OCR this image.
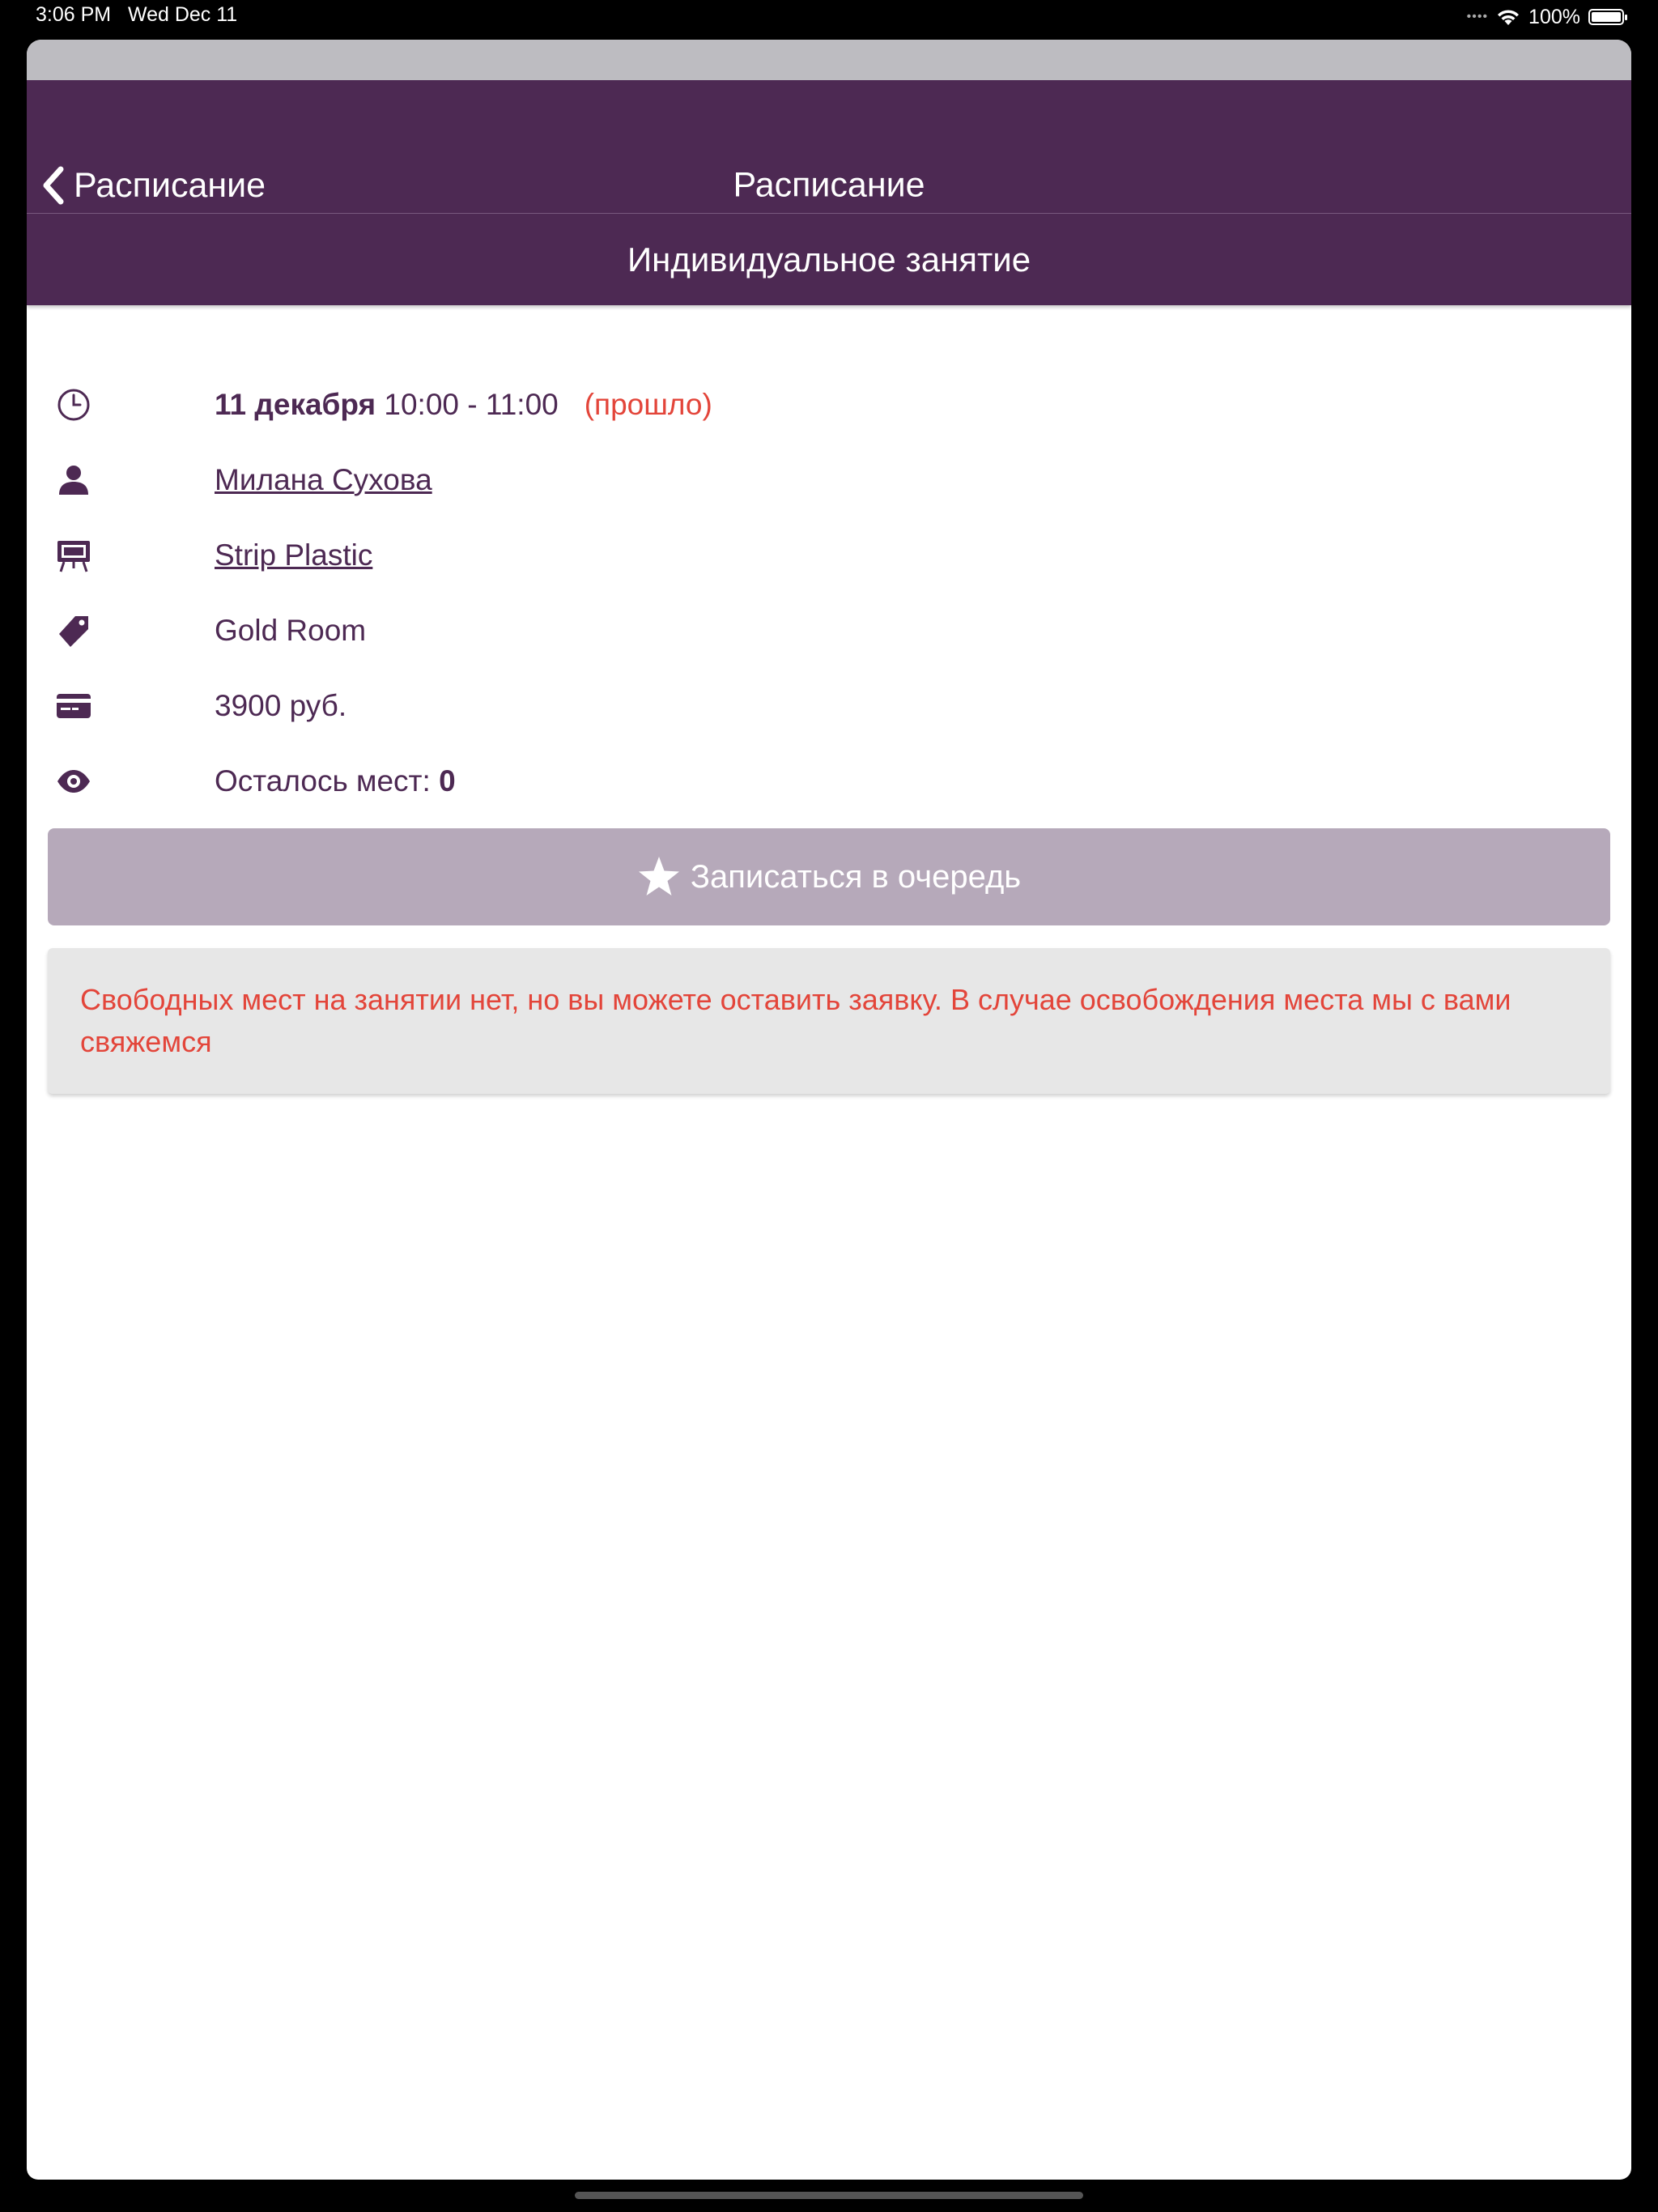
3:06 PM Wed Dec 11	•••• 100%
Расписание	Расписание
Индивидуальное занятие
11 декабря
10:00 - 11:00 (прошло)
Милана Сухова
Strip Plastic
Gold Room
3900 руб.
Осталось мест:
0
Записаться в очередь
Свободных мест на занятии нет, но вы можете оставить заявку. В случае освобождения места мы с вами свяжемся
